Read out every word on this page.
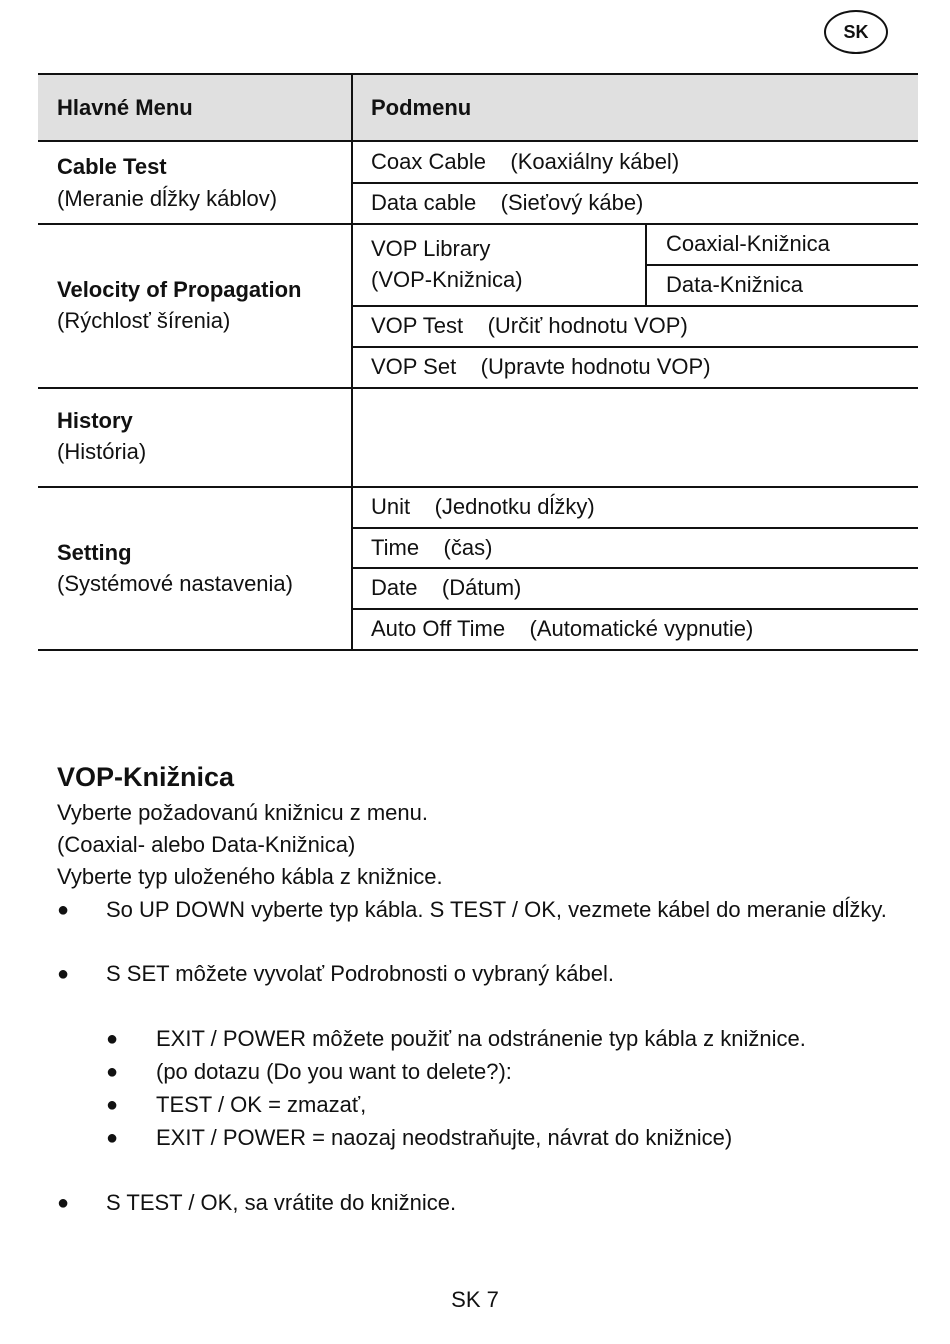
SK
Hlavné Menu	Podmenu
Cable Test
(Meranie dĺžky káblov)
Coax Cable    (Koaxiálny kábel)
Data cable    (Sieťový kábe)
Velocity of Propagation
(Rýchlosť šírenia)
VOP Library
(VOP-Knižnica)
Coaxial-Knižnica
Data-Knižnica
VOP Test    (Určiť hodnotu VOP)
VOP Set    (Upravte hodnotu VOP)
History
(História)
Setting
(Systémové nastavenia)
Unit    (Jednotku dĺžky)
Time    (čas)
Date    (Dátum)
Auto Off Time    (Automatické vypnutie)
VOP-Knižnica
Vyberte požadovanú knižnicu z menu.
(Coaxial- alebo Data-Knižnica)
Vyberte typ uloženého kábla z knižnice.
● So UP DOWN vyberte typ kábla. S TEST / OK, vezmete kábel do meranie dĺžky.
● S SET môžete vyvolať Podrobnosti o vybraný kábel.
● EXIT / POWER môžete použiť na odstránenie typ kábla z knižnice.
● (po dotazu (Do you want to delete?):
● TEST / OK = zmazať,
● EXIT / POWER = naozaj neodstraňujte, návrat do knižnice)
● S TEST / OK, sa vrátite do knižnice.
SK 7
